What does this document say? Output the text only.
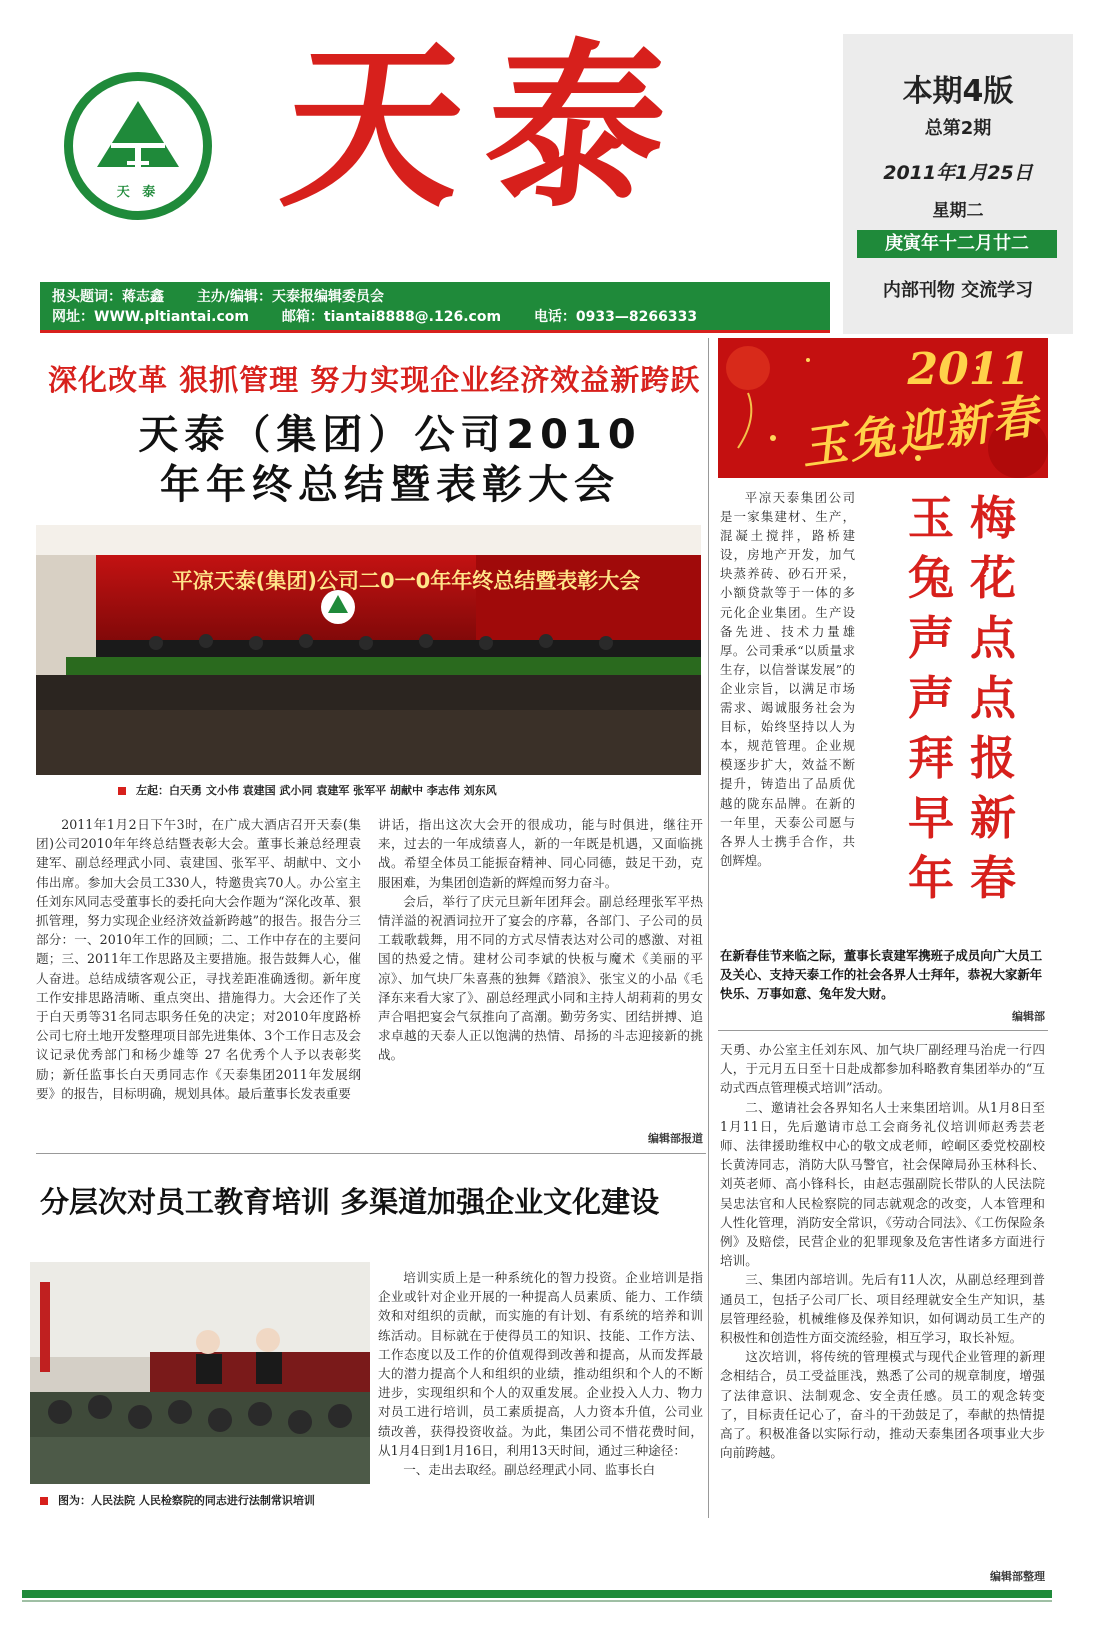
天 泰 天泰	本期4版
总第2期
2011年1月25日
星期二
庚寅年十二月廿二
内部刊物 交流学习
报头题词：蒋志鑫 主办/编辑：天泰报编辑委员会
网址：WWW.pltiantai.com 邮箱：tiantai8888@.126.com 电话：0933—8266333
深化改革 狠抓管理 努力实现企业经济效益新跨跃
天泰（集团）公司2010
年年终总结暨表彰大会
平凉天泰(集团)公司二0一0年年终总结暨表彰大会
左起：白天勇 文小伟 袁建国 武小同 袁建军 张军平 胡献中 李志伟 刘东风

2011年1月2日下午3时，在广成大酒店召开天泰(集团)公司2010年年终总结暨表彰大会。董事长兼总经理袁建军、副总经理武小同、袁建国、张军平、胡献中、文小伟出席。参加大会员工330人，特邀贵宾70人。办公室主任刘东风同志受董事长的委托向大会作题为“深化改革、狠抓管理，努力实现企业经济效益新跨越”的报告。报告分三部分：一、2010年工作的回顾；二、工作中存在的主要问题；三、2011年工作思路及主要措施。报告鼓舞人心，催人奋进。总结成绩客观公正，寻找差距准确透彻。新年度工作安排思路清晰、重点突出、措施得力。大会还作了关于白天勇等31名同志职务任免的决定；对2010年度路桥公司七府土地开发整理项目部先进集体、3个工作日志及会议记录优秀部门和杨少雄等 27 名优秀个人予以表彰奖励；新任监事长白天勇同志作《天泰集团2011年发展纲要》的报告，目标明确，规划具体。最后董事长发表重要

讲话，指出这次大会开的很成功，能与时俱进，继往开来，过去的一年成绩喜人，新的一年既是机遇，又面临挑战。希望全体员工能振奋精神、同心同德，鼓足干劲，克服困难，为集团创造新的辉煌而努力奋斗。

会后，举行了庆元旦新年团拜会。副总经理张军平热情洋溢的祝酒词拉开了宴会的序幕，各部门、子公司的员工载歌载舞，用不同的方式尽情表达对公司的感激、对祖国的热爱之情。建材公司李斌的快板与魔术《美丽的平凉》、加气块厂朱喜燕的独舞《踏浪》、张宝义的小品《毛泽东来看大家了》、副总经理武小同和主持人胡莉莉的男女声合唱把宴会气氛推向了高潮。勤劳务实、团结拼搏、追求卓越的天泰人正以饱满的热情、昂扬的斗志迎接新的挑战。

编辑部报道
2011
玉兔迎新春

平凉天泰集团公司是一家集建材、生产，混凝土搅拌，路桥建设，房地产开发，加气块蒸养砖、砂石开采，小额贷款等于一体的多元化企业集团。生产设备先进、技术力量雄厚。公司秉承“以质量求生存，以信誉谋发展”的企业宗旨，以满足市场需求、竭诚服务社会为目标，始终坚持以人为本，规范管理。企业规模逐步扩大，效益不断提升，铸造出了品质优越的陇东品牌。在新的一年里，天泰公司愿与各界人士携手合作，共创辉煌。

在新春佳节来临之际，董事长袁建军携班子成员向广大员工及关心、支持天泰工作的社会各界人士拜年，恭祝大家新年快乐、万事如意、兔年发大财。
编辑部
玉
兔
声
声
拜
早
年
梅
花
点
点
报
新
春
分层次对员工教育培训 多渠道加强企业文化建设
图为：人民法院 人民检察院的同志进行法制常识培训

培训实质上是一种系统化的智力投资。企业培训是指企业或针对企业开展的一种提高人员素质、能力、工作绩效和对组织的贡献，而实施的有计划、有系统的培养和训练活动。目标就在于使得员工的知识、技能、工作方法、工作态度以及工作的价值观得到改善和提高，从而发挥最大的潜力提高个人和组织的业绩，推动组织和个人的不断进步，实现组织和个人的双重发展。企业投入人力、物力对员工进行培训，员工素质提高，人力资本升值，公司业绩改善，获得投资收益。为此，集团公司不惜花费时间，从1月4日到1月16日，利用13天时间，通过三种途径：

一、走出去取经。副总经理武小同、监事长白

天勇、办公室主任刘东风、加气块厂副经理马治虎一行四人，于元月五日至十日赴成都参加科略教育集团举办的“互动式西点管理模式培训”活动。

二、邀请社会各界知名人士来集团培训。从1月8日至1月11日，先后邀请市总工会商务礼仪培训师赵秀芸老师、法律援助维权中心的敬文成老师，崆峒区委党校副校长黄涛同志，消防大队马警官，社会保障局孙玉林科长、刘英老师、高小锋科长，由赵志强副院长带队的人民法院吴忠法官和人民检察院的同志就观念的改变，人本管理和人性化管理，消防安全常识，《劳动合同法》、《工伤保险条例》及赔偿，民营企业的犯罪现象及危害性诸多方面进行培训。

三、集团内部培训。先后有11人次，从副总经理到普通员工，包括子公司厂长、项目经理就安全生产知识，基层管理经验，机械维修及保养知识，如何调动员工生产的积极性和创造性方面交流经验，相互学习，取长补短。

这次培训，将传统的管理模式与现代企业管理的新理念相结合，员工受益匪浅，熟悉了公司的规章制度，增强了法律意识、法制观念、安全责任感。员工的观念转变了，目标责任记心了，奋斗的干劲鼓足了，奉献的热情提高了。积极准备以实际行动，推动天泰集团各项事业大步向前跨越。

编辑部整理
